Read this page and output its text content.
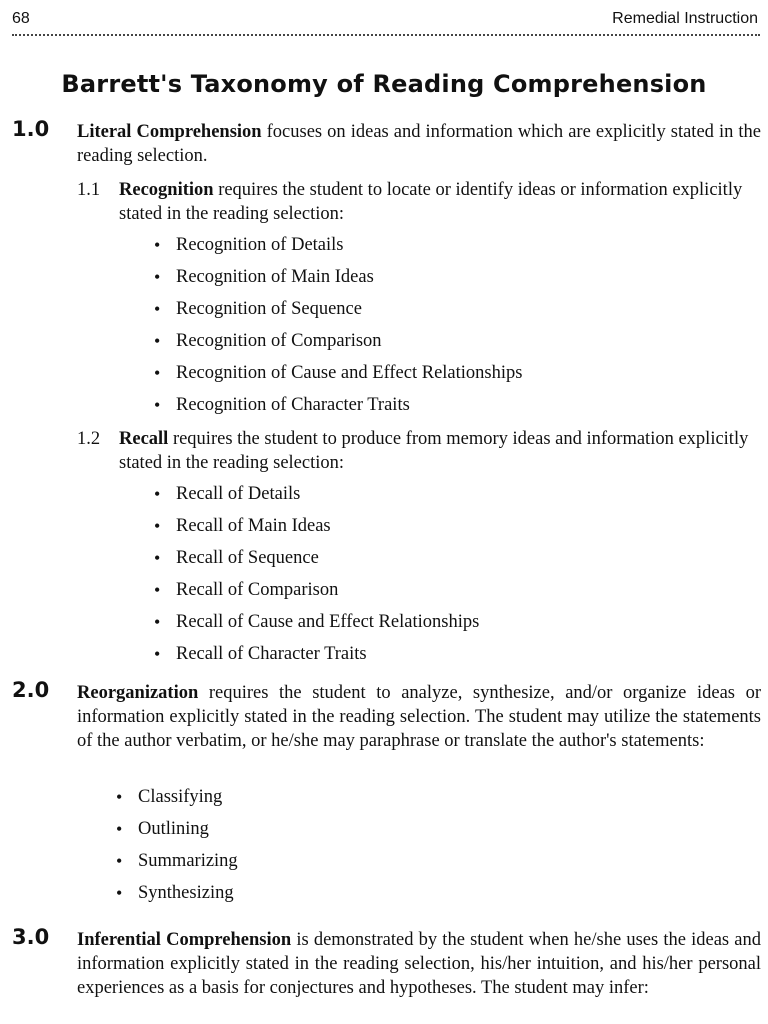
68	Remedial Instruction
Barrett's Taxonomy of Reading Comprehension
1.0 Literal Comprehension focuses on ideas and information which are explicitly stated in the reading selection.
1.1 Recognition requires the student to locate or identify ideas or information explicitly stated in the reading selection:
• Recognition of Details
• Recognition of Main Ideas
• Recognition of Sequence
• Recognition of Comparison
• Recognition of Cause and Effect Relationships
• Recognition of Character Traits
1.2 Recall requires the student to produce from memory ideas and information explicitly stated in the reading selection:
• Recall of Details
• Recall of Main Ideas
• Recall of Sequence
• Recall of Comparison
• Recall of Cause and Effect Relationships
• Recall of Character Traits
2.0 Reorganization requires the student to analyze, synthesize, and/or organize ideas or information explicitly stated in the reading selection. The student may utilize the statements of the author verbatim, or he/she may paraphrase or translate the author's statements:
• Classifying
• Outlining
• Summarizing
• Synthesizing
3.0 Inferential Comprehension is demonstrated by the student when he/she uses the ideas and information explicitly stated in the reading selection, his/her intuition, and his/her personal experiences as a basis for conjectures and hypotheses. The student may infer:
